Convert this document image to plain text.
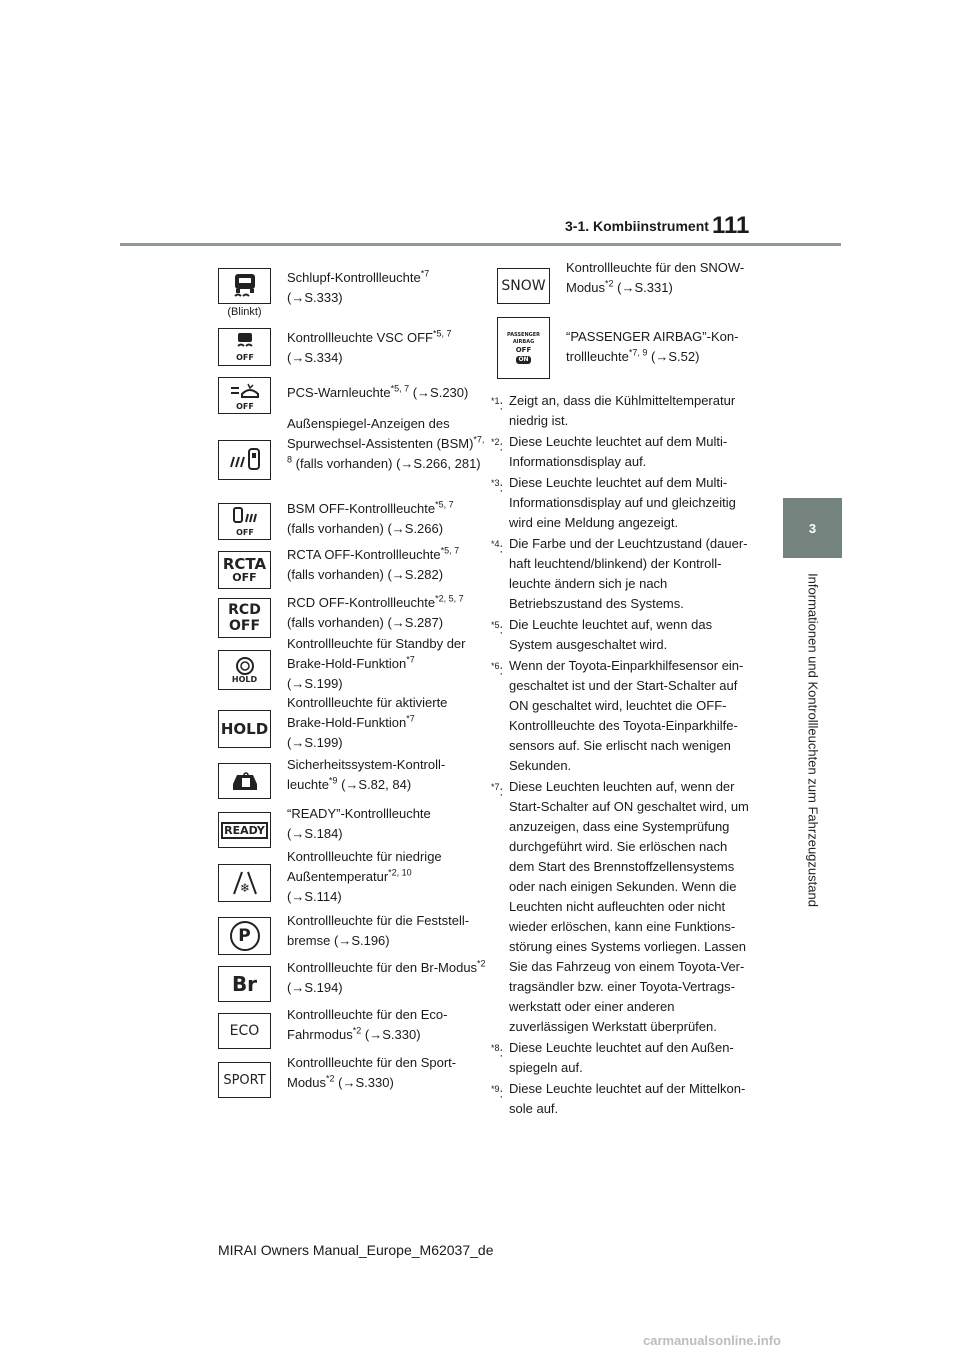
3-1. Kombiinstrument 111
3
Informationen und Kontrollleuchten zum Fahrzeugzustand
(Blinkt)
Schlupf-Kontrollleuchte$^{*7}$
(→S.333)
OFF
Kontrollleuchte VSC OFF$^{*5, 7}$
(→S.334)
OFF
PCS-Warnleuchte$^{*5, 7}$ (→S.230)
Außenspiegel-Anzeigen des Spurwechsel-Assistenten (BSM)$^{*7, 8}$ (falls vorhanden) (→S.266, 281)
OFF
BSM OFF-Kontrollleuchte$^{*5, 7}$
(falls vorhanden) (→S.266)
RCTA
OFF
RCTA OFF-Kontrollleuchte$^{*5, 7}$
(falls vorhanden) (→S.282)
RCD
OFF
RCD OFF-Kontrollleuchte$^{*2, 5, 7}$
(falls vorhanden) (→S.287)
HOLD
Kontrollleuchte für Standby der Brake-Hold-Funktion$^{*7}$
(→S.199)
HOLD
Kontrollleuchte für aktivierte Brake-Hold-Funktion$^{*7}$
(→S.199)
Sicherheitssystem-Kontroll-leuchte$^{*9}$ (→S.82, 84)
READY
“READY”-Kontrollleuchte
(→S.184)
❄
Kontrollleuchte für niedrige Außentemperatur$^{*2, 10}$
(→S.114)
P
Kontrollleuchte für die Feststell-bremse (→S.196)
Br
Kontrollleuchte für den Br-Modus$^{*2}$ (→S.194)
ECO
Kontrollleuchte für den Eco-Fahrmodus$^{*2}$ (→S.330)
SPORT
Kontrollleuchte für den Sport-Modus$^{*2}$ (→S.330)
SNOW
Kontrollleuchte für den SNOW-Modus$^{*2}$ (→S.331)
PASSENGER
AIRBAG
OFF
ON
“PASSENGER AIRBAG”-Kon-trollleuchte$^{*7, 9}$ (→S.52)
$^{*1}$: Zeigt an, dass die Kühlmitteltemperatur niedrig ist.
$^{*2}$: Diese Leuchte leuchtet auf dem Multi-Informationsdisplay auf.
$^{*3}$: Diese Leuchte leuchtet auf dem Multi-Informationsdisplay auf und gleichzeitig wird eine Meldung angezeigt.
$^{*4}$: Die Farbe und der Leuchtzustand (dauer-haft leuchtend/blinkend) der Kontroll-leuchte ändern sich je nach Betriebszustand des Systems.
$^{*5}$: Die Leuchte leuchtet auf, wenn das System ausgeschaltet wird.
$^{*6}$: Wenn der Toyota-Einparkhilfesensor ein-geschaltet ist und der Start-Schalter auf ON geschaltet wird, leuchtet die OFF-Kontrollleuchte des Toyota-Einparkhilfe-sensors auf. Sie erlischt nach wenigen Sekunden.
$^{*7}$: Diese Leuchten leuchten auf, wenn der Start-Schalter auf ON geschaltet wird, um anzuzeigen, dass eine Systemprüfung durchgeführt wird. Sie erlöschen nach dem Start des Brennstoffzellensystems oder nach einigen Sekunden. Wenn die Leuchten nicht aufleuchten oder nicht wieder erlöschen, kann eine Funktions-störung eines Systems vorliegen. Lassen Sie das Fahrzeug von einem Toyota-Ver-tragsändler bzw. einer Toyota-Vertrags-werkstatt oder einer anderen zuverlässigen Werkstatt überprüfen.
$^{*8}$: Diese Leuchte leuchtet auf den Außen-spiegeln auf.
$^{*9}$: Diese Leuchte leuchtet auf der Mittelkon-sole auf.
MIRAI Owners Manual_Europe_M62037_de
carmanualsonline.info
